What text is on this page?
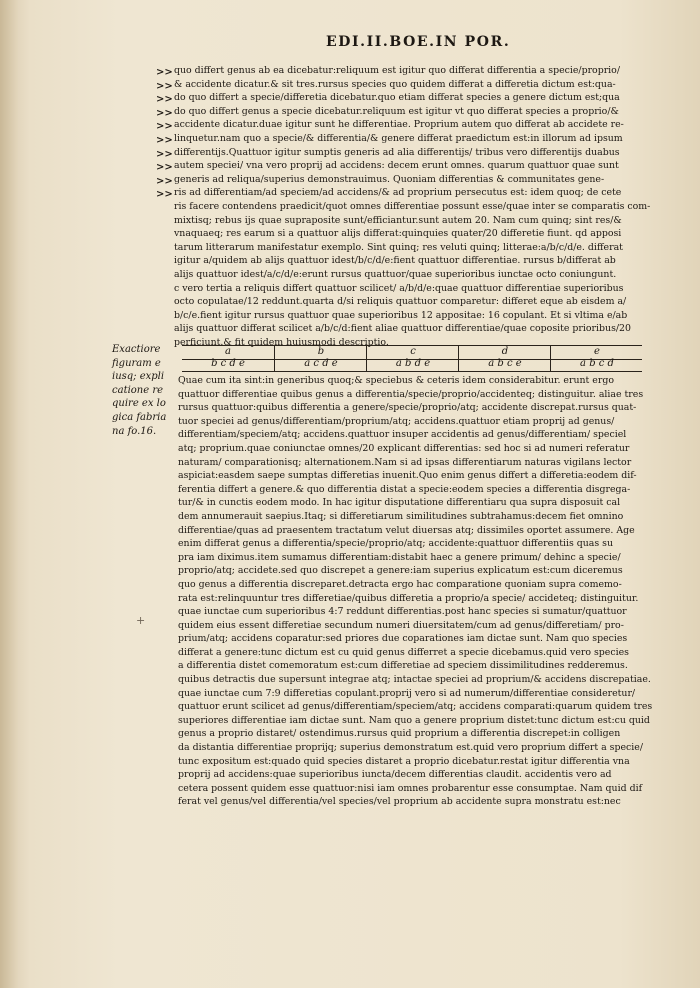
EDI.II.BOE.IN POR.
>>
>>
>>
>>
>>
>>
>>
>>
>>
>>
quo differt genus ab ea dicebatur:reliquum est igitur quo differat differentia a specie/proprio/
& accidente dicatur.& sit tres.rursus species quo quidem differat a differetia dictum est:qua-
do quo differt a specie/differetia dicebatur.quo etiam differat species a genere dictum est;qua
do quo differt genus a specie dicebatur.reliquum est igitur vt quo differat species a proprio/&
accidente dicatur.duae igitur sunt he differentiae. Proprium autem quo differat ab accidete re-
linquetur.nam quo a specie/& differentia/& genere differat praedictum est:in illorum ad ipsum
differentijs.Quattuor igitur sumptis generis ad alia differentijs/ tribus vero differentijs duabus
autem speciei/ vna vero proprij ad accidens: decem erunt omnes. quarum quattuor quae sunt
generis ad reliqua/superius demonstrauimus. Quoniam differentias & communitates gene-
ris ad differentiam/ad speciem/ad accidens/& ad proprium persecutus est: idem quoq; de cete
ris facere contendens praedicit/quot omnes differentiae possunt esse/quae inter se comparatis com-
mixtisq; rebus ijs quae supraposite sunt/efficiantur.sunt autem 20. Nam cum quinq; sint res/&
vnaquaeq; res earum si a quattuor alijs differat:quinquies quater/20 differetie fiunt. qd apposi
tarum litterarum manifestatur exemplo. Sint quinq; res veluti quinq; litterae:a/b/c/d/e. differat
igitur a/quidem ab alijs quattuor idest/b/c/d/e:fient quattuor differentiae. rursus b/differat ab
alijs quattuor idest/a/c/d/e:erunt rursus quattuor/quae superioribus iunctae octo coniungunt.
c vero tertia a reliquis differt quattuor scilicet/ a/b/d/e:quae quattuor differentiae superioribus
octo copulatae/12 reddunt.quarta d/si reliquis quattuor comparetur: differet eque ab eisdem a/
b/c/e.fient igitur rursus quattuor quae superioribus 12 appositae: 16 copulant. Et si vltima e/ab
alijs quattuor differat scilicet a/b/c/d:fient aliae quattuor differentiae/quae coposite prioribus/20
perficiunt.& fit quidem huiusmodi descriptio.
Exactiore
figuram e
iusq; expli
catione re
quire ex lo
gica fabria
na fo.16.
a	b	c	d	e
b c d e	a c d e	a b d e	a b c e	a b c d
Quae cum ita sint:in generibus quoq;& speciebus & ceteris idem considerabitur. erunt ergo
quattuor differentiae quibus genus a differentia/specie/proprio/accidenteq; distinguitur. aliae tres
rursus quattuor:quibus differentia a genere/specie/proprio/atq; accidente discrepat.rursus quat-
tuor speciei ad genus/differentiam/proprium/atq; accidens.quattuor etiam proprij ad genus/
differentiam/speciem/atq; accidens.quattuor insuper accidentis ad genus/differentiam/ speciel
atq; proprium.quae coniunctae omnes/20 explicant differentias: sed hoc si ad numeri referatur
naturam/ comparationisq; alternationem.Nam si ad ipsas differentiarum naturas vigilans lector
aspiciat:easdem saepe sumptas differetias inuenit.Quo enim genus differt a differetia:eodem dif-
ferentia differt a genere.& quo differentia distat a specie:eodem species a differentia disgrega-
tur/& in cunctis eodem modo. In hac igitur disputatione differentiaru qua supra disposuit cal
dem annumerauit saepius.Itaq; si differetiarum similitudines subtrahamus:decem fiet omnino
differentiae/quas ad praesentem tractatum velut diuersas atq; dissimiles oportet assumere. Age
enim differat genus a differentia/specie/proprio/atq; accidente:quattuor differentiis quas su
pra iam diximus.item sumamus differentiam:distabit haec a genere primum/ dehinc a specie/
proprio/atq; accidete.sed quo discrepet a genere:iam superius explicatum est:cum diceremus
quo genus a differentia discreparet.detracta ergo hac comparatione quoniam supra comemo-
rata est:relinquuntur tres differetiae/quibus differetia a proprio/a specie/ accideteq; distinguitur.
quae iunctae cum superioribus 4:7 reddunt differentias.post hanc species si sumatur/quattuor
quidem eius essent differetiae secundum numeri diuersitatem/cum ad genus/differetiam/ pro-
prium/atq; accidens coparatur:sed priores due coparationes iam dictae sunt. Nam quo species
differat a genere:tunc dictum est cu quid genus differret a specie dicebamus.quid vero species
a differentia distet comemoratum est:cum differetiae ad speciem dissimilitudines redderemus.
quibus detractis due supersunt integrae atq; intactae speciei ad proprium/& accidens discrepatiae.
quae iunctae cum 7:9 differetias copulant.proprij vero si ad numerum/differentiae consideretur/
quattuor erunt scilicet ad genus/differentiam/speciem/atq; accidens comparati:quarum quidem tres
superiores differentiae iam dictae sunt. Nam quo a genere proprium distet:tunc dictum est:cu quid
genus a proprio distaret/ ostendimus.rursus quid proprium a differentia discrepet:in colligen
da distantia differentiae proprijq; superius demonstratum est.quid vero proprium differt a specie/
tunc expositum est:quado quid species distaret a proprio dicebatur.restat igitur differentia vna
proprij ad accidens:quae superioribus iuncta/decem differentias claudit. accidentis vero ad
cetera possent quidem esse quattuor:nisi iam omnes probarentur esse consumptae. Nam quid dif
ferat vel genus/vel differentia/vel species/vel proprium ab accidente supra monstratu est:nec
+
